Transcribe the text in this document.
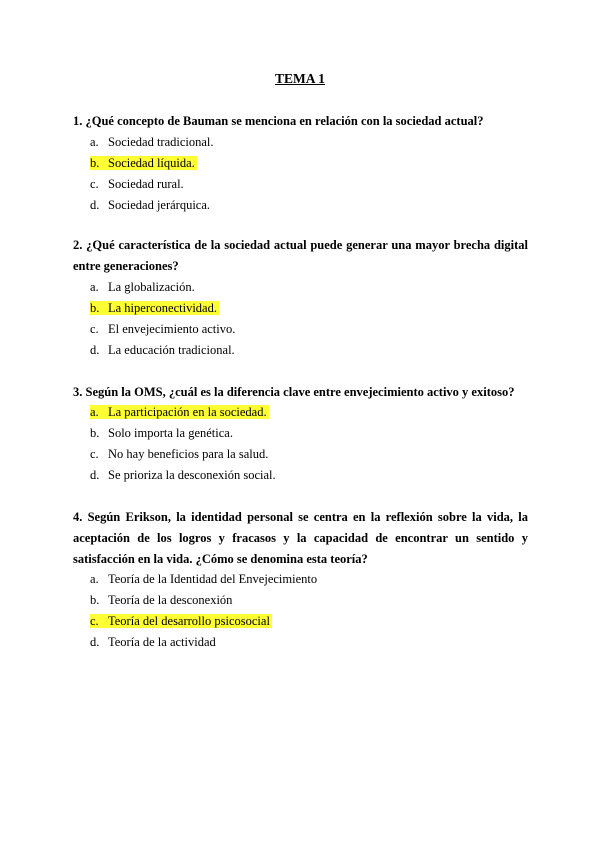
TEMA 1
1. ¿Qué concepto de Bauman se menciona en relación con la sociedad actual?
a. Sociedad tradicional.
b. Sociedad líquida.
c. Sociedad rural.
d. Sociedad jerárquica.
2. ¿Qué característica de la sociedad actual puede generar una mayor brecha digital entre generaciones?
a. La globalización.
b. La hiperconectividad.
c. El envejecimiento activo.
d. La educación tradicional.
3. Según la OMS, ¿cuál es la diferencia clave entre envejecimiento activo y exitoso?
a. La participación en la sociedad.
b. Solo importa la genética.
c. No hay beneficios para la salud.
d. Se prioriza la desconexión social.
4. Según Erikson, la identidad personal se centra en la reflexión sobre la vida, la aceptación de los logros y fracasos y la capacidad de encontrar un sentido y satisfacción en la vida. ¿Cómo se denomina esta teoría?
a. Teoría de la Identidad del Envejecimiento
b. Teoría de la desconexión
c. Teoría del desarrollo psicosocial
d. Teoría de la actividad
